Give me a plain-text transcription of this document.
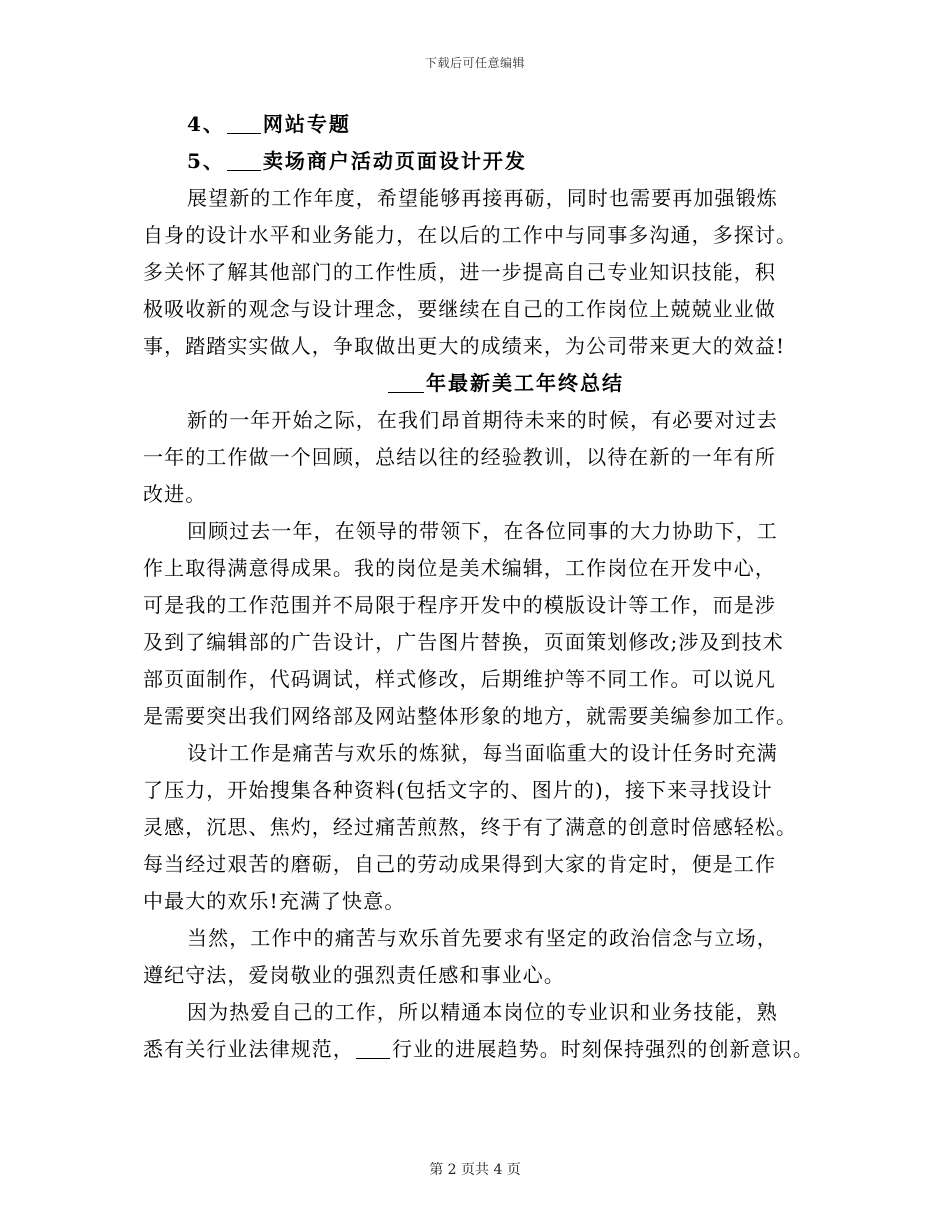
下载后可任意编辑
4、 网站专题
5、 卖场商户活动页面设计开发
展望新的工作年度，希望能够再接再砺，同时也需要再加强锻炼
自身的设计水平和业务能力，在以后的工作中与同事多沟通，多探讨。
多关怀了解其他部门的工作性质，进一步提高自己专业知识技能，积
极吸收新的观念与设计理念，要继续在自己的工作岗位上兢兢业业做
事，踏踏实实做人，争取做出更大的成绩来，为公司带来更大的效益!
年最新美工年终总结
新的一年开始之际，在我们昂首期待未来的时候，有必要对过去
一年的工作做一个回顾，总结以往的经验教训，以待在新的一年有所
改进。
回顾过去一年，在领导的带领下，在各位同事的大力协助下，工
作上取得满意得成果。我的岗位是美术编辑，工作岗位在开发中心，
可是我的工作范围并不局限于程序开发中的模版设计等工作，而是涉
及到了编辑部的广告设计，广告图片替换，页面策划修改;涉及到技术
部页面制作，代码调试，样式修改，后期维护等不同工作。可以说凡
是需要突出我们网络部及网站整体形象的地方，就需要美编参加工作。
设计工作是痛苦与欢乐的炼狱，每当面临重大的设计任务时充满
了压力，开始搜集各种资料(包括文字的、图片的)，接下来寻找设计
灵感，沉思、焦灼，经过痛苦煎熬，终于有了满意的创意时倍感轻松。
每当经过艰苦的磨砺，自己的劳动成果得到大家的肯定时，便是工作
中最大的欢乐!充满了快意。
当然，工作中的痛苦与欢乐首先要求有坚定的政治信念与立场，
遵纪守法，爱岗敬业的强烈责任感和事业心。
因为热爱自己的工作，所以精通本岗位的专业识和业务技能，熟
悉有关行业法律规范， 行业的进展趋势。时刻保持强烈的创新意识。
第 2 页共 4 页
